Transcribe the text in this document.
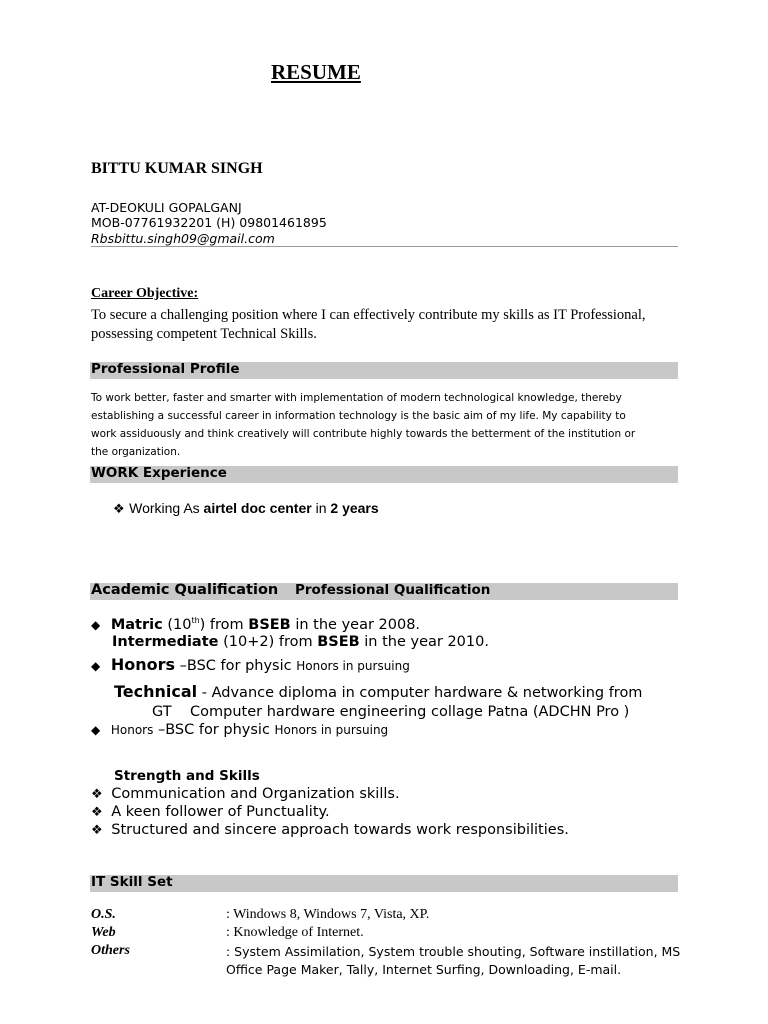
RESUME
BITTU KUMAR SINGH
AT-DEOKULI GOPALGANJ
MOB-07761932201 (H) 09801461895
Rbsbittu.singh09@gmail.com
Career Objective:
To secure a challenging position where I can effectively contribute my skills as IT Professional,
possessing competent Technical Skills.
Professional Profile
To work better, faster and smarter with implementation of modern technological knowledge, thereby
establishing a successful career in information technology is the basic aim of my life. My capability to
work assiduously and think creatively will contribute highly towards the betterment of the institution or
the organization.
WORK Experience
❖ Working As airtel doc center in 2 years
Academic Qualification Professional Qualification
◆ Matric (10th) from BSEB in the year 2008.
Intermediate (10+2) from BSEB in the year 2010.
◆ Honors –BSC for physic Honors in pursuing
Technical - Advance diploma in computer hardware & networking from
GT    Computer hardware engineering collage Patna (ADCHN Pro )
◆ Honors –BSC for physic Honors in pursuing
Strength and Skills
❖ Communication and Organization skills.
❖ A keen follower of Punctuality.
❖ Structured and sincere approach towards work responsibilities.
IT Skill Set
O.S.	: Windows 8, Windows 7, Vista, XP.
Web	: Knowledge of Internet.
Others	: System Assimilation, System trouble shouting, Software instillation, MS
Office Page Maker, Tally, Internet Surfing, Downloading, E-mail.
